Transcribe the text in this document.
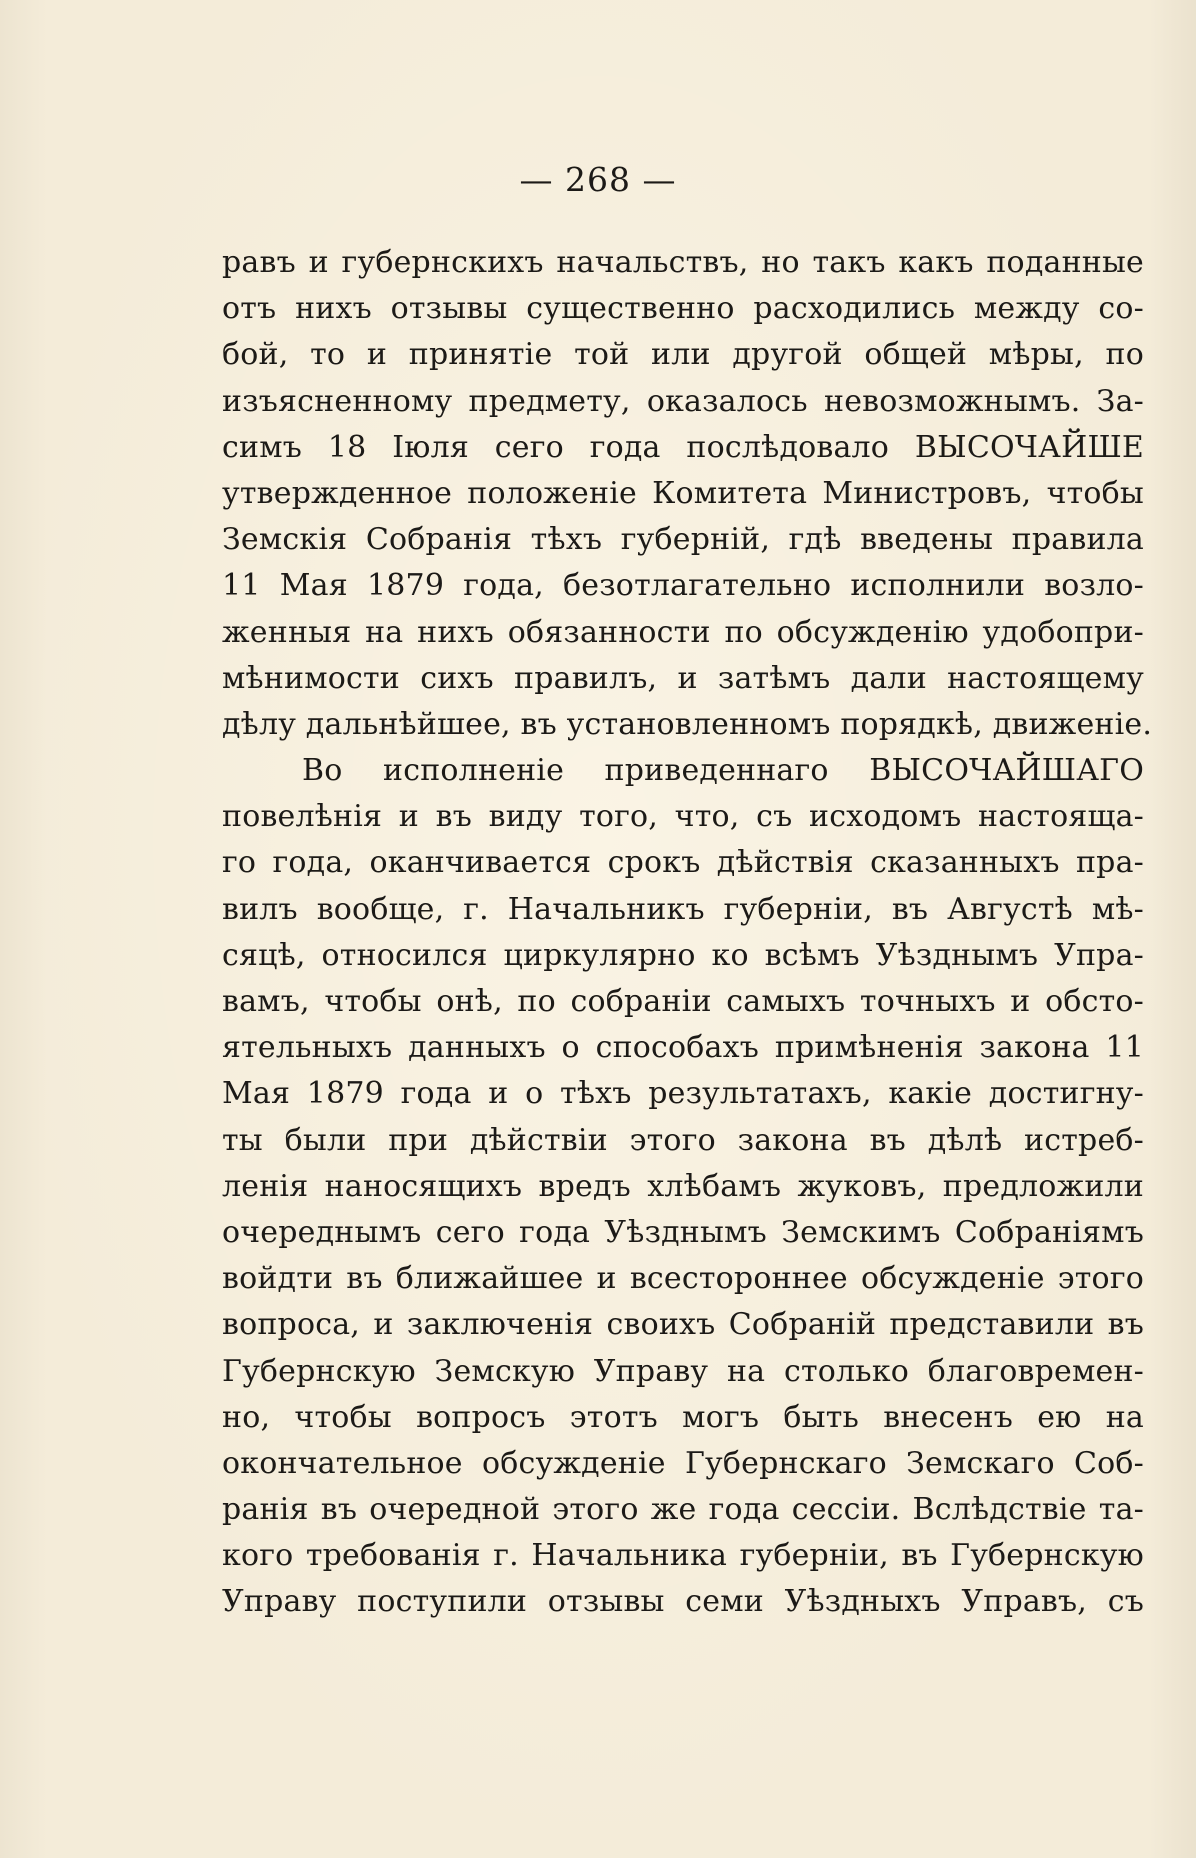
— 268 —
равъ и губернскихъ начальствъ, но такъ какъ поданные
отъ нихъ отзывы существенно расходились между со-
бой, то и принятіе той или другой общей мѣры, по
изъясненному предмету, оказалось невозможнымъ. За-
симъ 18 Іюля сего года послѣдовало ВЫСОЧАЙШЕ
утвержденное положеніе Комитета Министровъ, чтобы
Земскія Собранія тѣхъ губерній, гдѣ введены правила
11 Мая 1879 года, безотлагательно исполнили возло-
женныя на нихъ обязанности по обсужденію удобопри-
мѣнимости сихъ правилъ, и затѣмъ дали настоящему
дѣлу дальнѣйшее, въ установленномъ порядкѣ, движеніе.
Во исполненіе приведеннаго ВЫСОЧАЙШАГО
повелѣнія и въ виду того, что, съ исходомъ настояща-
го года, оканчивается срокъ дѣйствія сказанныхъ пра-
вилъ вообще, г. Начальникъ губерніи, въ Августѣ мѣ-
сяцѣ, относился циркулярно ко всѣмъ Уѣзднымъ Упра-
вамъ, чтобы онѣ, по собраніи самыхъ точныхъ и обсто-
ятельныхъ данныхъ о способахъ примѣненія закона 11
Мая 1879 года и о тѣхъ результатахъ, какіе достигну-
ты были при дѣйствіи этого закона въ дѣлѣ истреб-
ленія наносящихъ вредъ хлѣбамъ жуковъ, предложили
очереднымъ сего года Уѣзднымъ Земскимъ Собраніямъ
войдти въ ближайшее и всестороннее обсужденіе этого
вопроса, и заключенія своихъ Собраній представили въ
Губернскую Земскую Управу на столько благовремен-
но, чтобы вопросъ этотъ могъ быть внесенъ ею на
окончательное обсужденіе Губернскаго Земскаго Соб-
ранія въ очередной этого же года сессіи. Вслѣдствіе та-
кого требованія г. Начальника губерніи, въ Губернскую
Управу поступили отзывы семи Уѣздныхъ Управъ, съ
